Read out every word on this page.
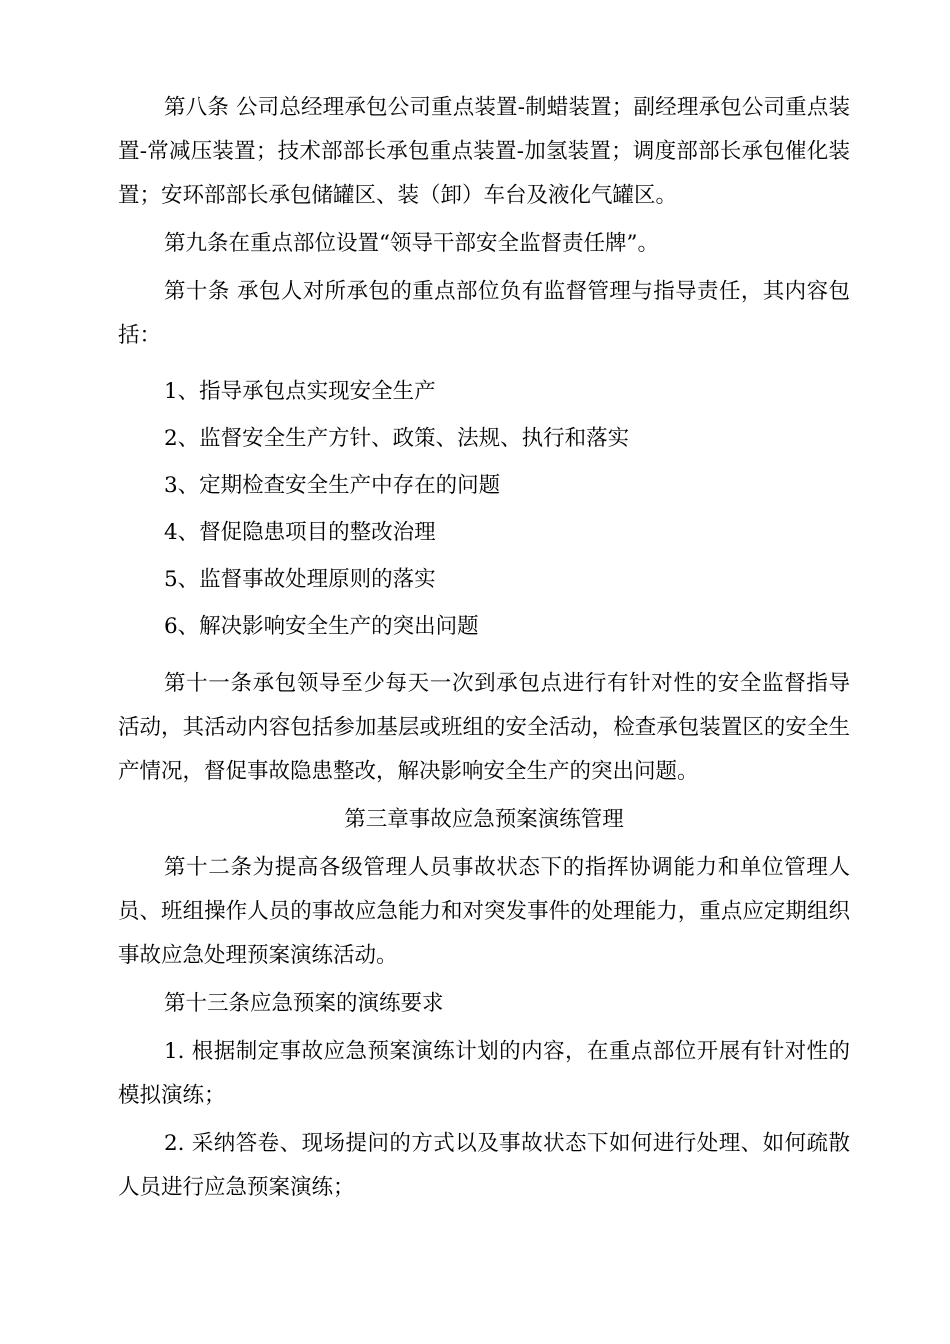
第八条 公司总经理承包公司重点装置-制蜡装置；副经理承包公司重点装置-常减压装置；技术部部长承包重点装置-加氢装置；调度部部长承包催化装置；安环部部长承包储罐区、装（卸）车台及液化气罐区。

第九条在重点部位设置“领导干部安全监督责任牌”。

第十条 承包人对所承包的重点部位负有监督管理与指导责任，其内容包括：

1、指导承包点实现安全生产
2、监督安全生产方针、政策、法规、执行和落实
3、定期检查安全生产中存在的问题
4、督促隐患项目的整改治理
5、监督事故处理原则的落实
6、解决影响安全生产的突出问题

第十一条承包领导至少每天一次到承包点进行有针对性的安全监督指导活动，其活动内容包括参加基层或班组的安全活动，检查承包装置区的安全生产情况，督促事故隐患整改，解决影响安全生产的突出问题。

第三章事故应急预案演练管理

第十二条为提高各级管理人员事故状态下的指挥协调能力和单位管理人员、班组操作人员的事故应急能力和对突发事件的处理能力，重点应定期组织事故应急处理预案演练活动。

第十三条应急预案的演练要求

1. 根据制定事故应急预案演练计划的内容，在重点部位开展有针对性的模拟演练；

2. 采纳答卷、现场提问的方式以及事故状态下如何进行处理、如何疏散人员进行应急预案演练；
